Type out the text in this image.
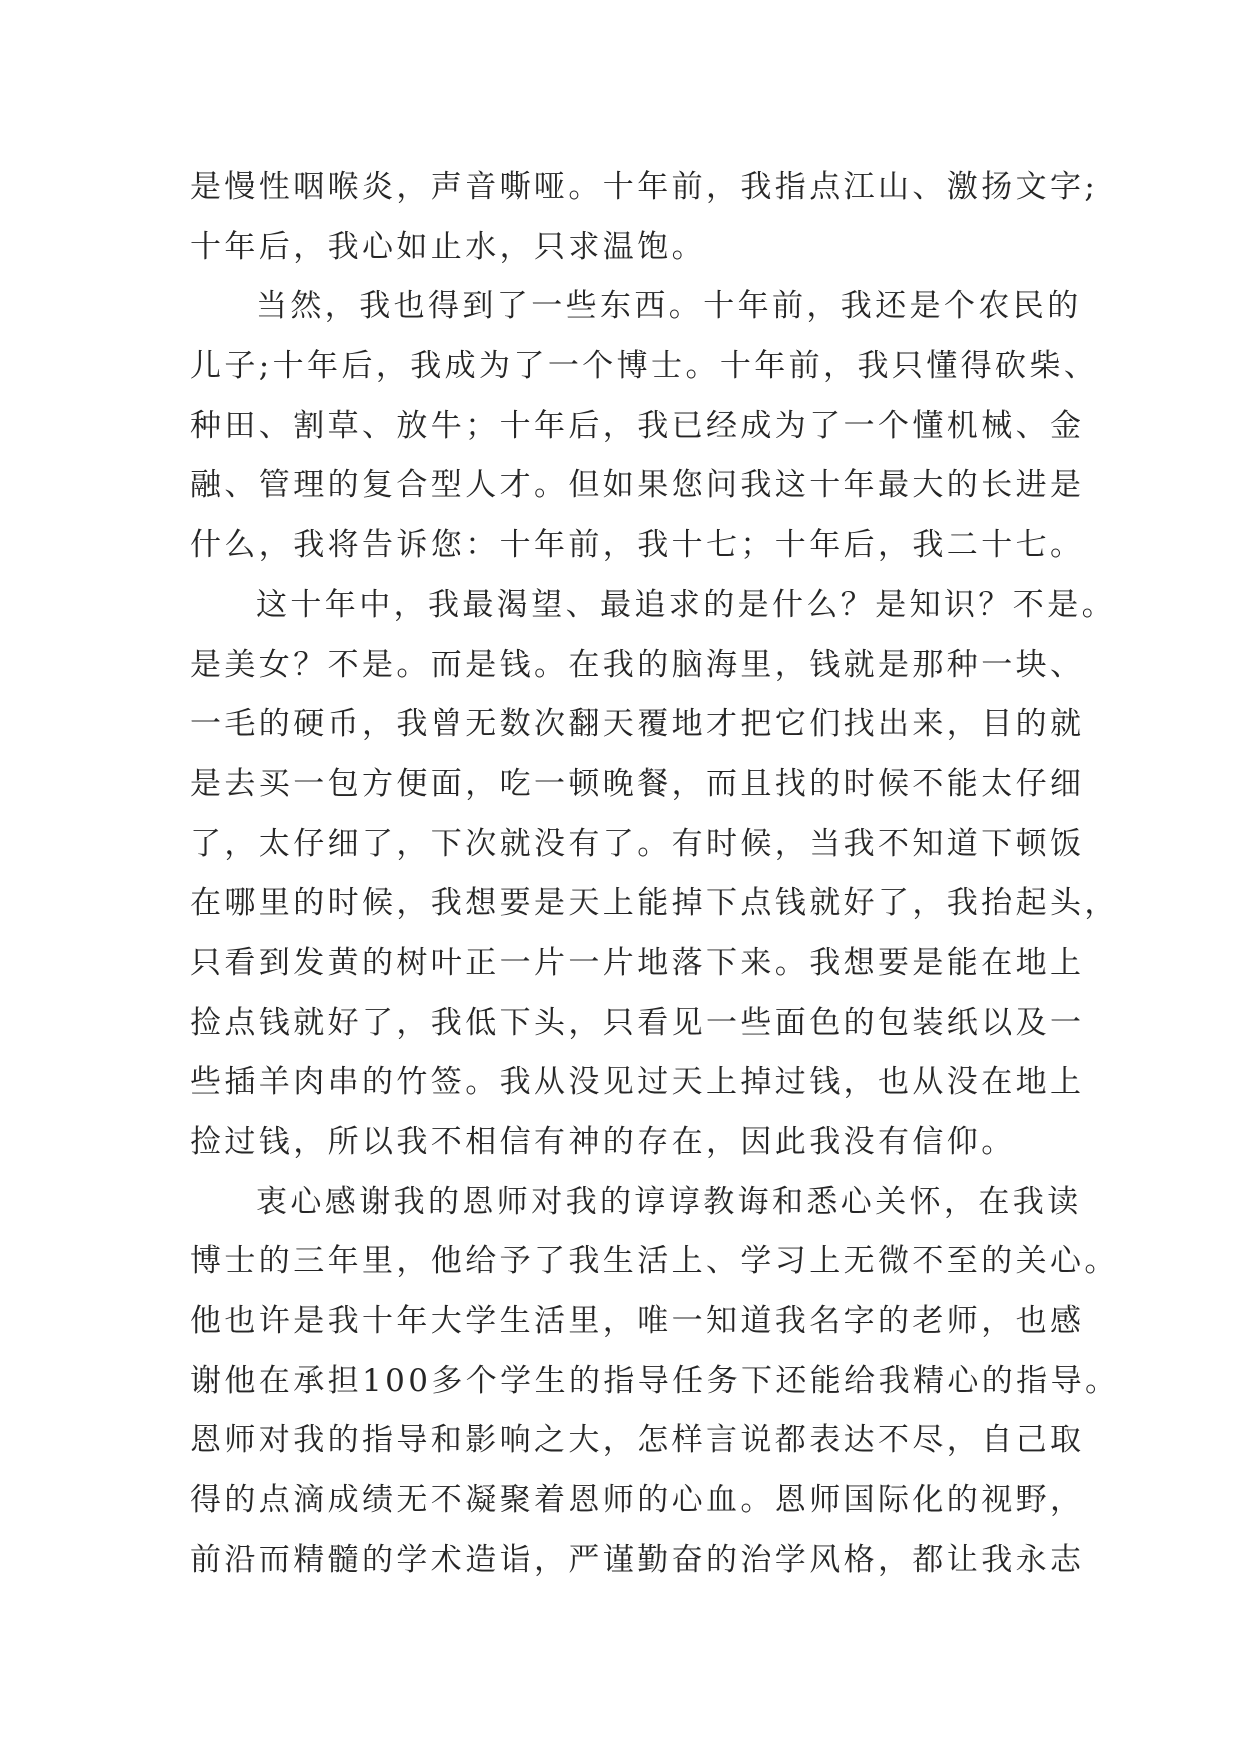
是慢性咽喉炎，声音嘶哑。十年前，我指点江山、激扬文字;
十年后，我心如止水，只求温饱。
当然，我也得到了一些东西。十年前，我还是个农民的
儿子;十年后，我成为了一个博士。十年前，我只懂得砍柴、
种田、割草、放牛；十年后，我已经成为了一个懂机械、金
融、管理的复合型人才。但如果您问我这十年最大的长进是
什么，我将告诉您：十年前，我十七；十年后，我二十七。
这十年中，我最渴望、最追求的是什么？是知识？不是。
是美女？不是。而是钱。在我的脑海里，钱就是那种一块、
一毛的硬币，我曾无数次翻天覆地才把它们找出来，目的就
是去买一包方便面，吃一顿晚餐，而且找的时候不能太仔细
了，太仔细了，下次就没有了。有时候，当我不知道下顿饭
在哪里的时候，我想要是天上能掉下点钱就好了，我抬起头，
只看到发黄的树叶正一片一片地落下来。我想要是能在地上
捡点钱就好了，我低下头，只看见一些面色的包装纸以及一
些插羊肉串的竹签。我从没见过天上掉过钱，也从没在地上
捡过钱，所以我不相信有神的存在，因此我没有信仰。
衷心感谢我的恩师对我的谆谆教诲和悉心关怀，在我读
博士的三年里，他给予了我生活上、学习上无微不至的关心。
他也许是我十年大学生活里，唯一知道我名字的老师，也感
谢他在承担100多个学生的指导任务下还能给我精心的指导。
恩师对我的指导和影响之大，怎样言说都表达不尽，自己取
得的点滴成绩无不凝聚着恩师的心血。恩师国际化的视野，
前沿而精髓的学术造诣，严谨勤奋的治学风格，都让我永志
